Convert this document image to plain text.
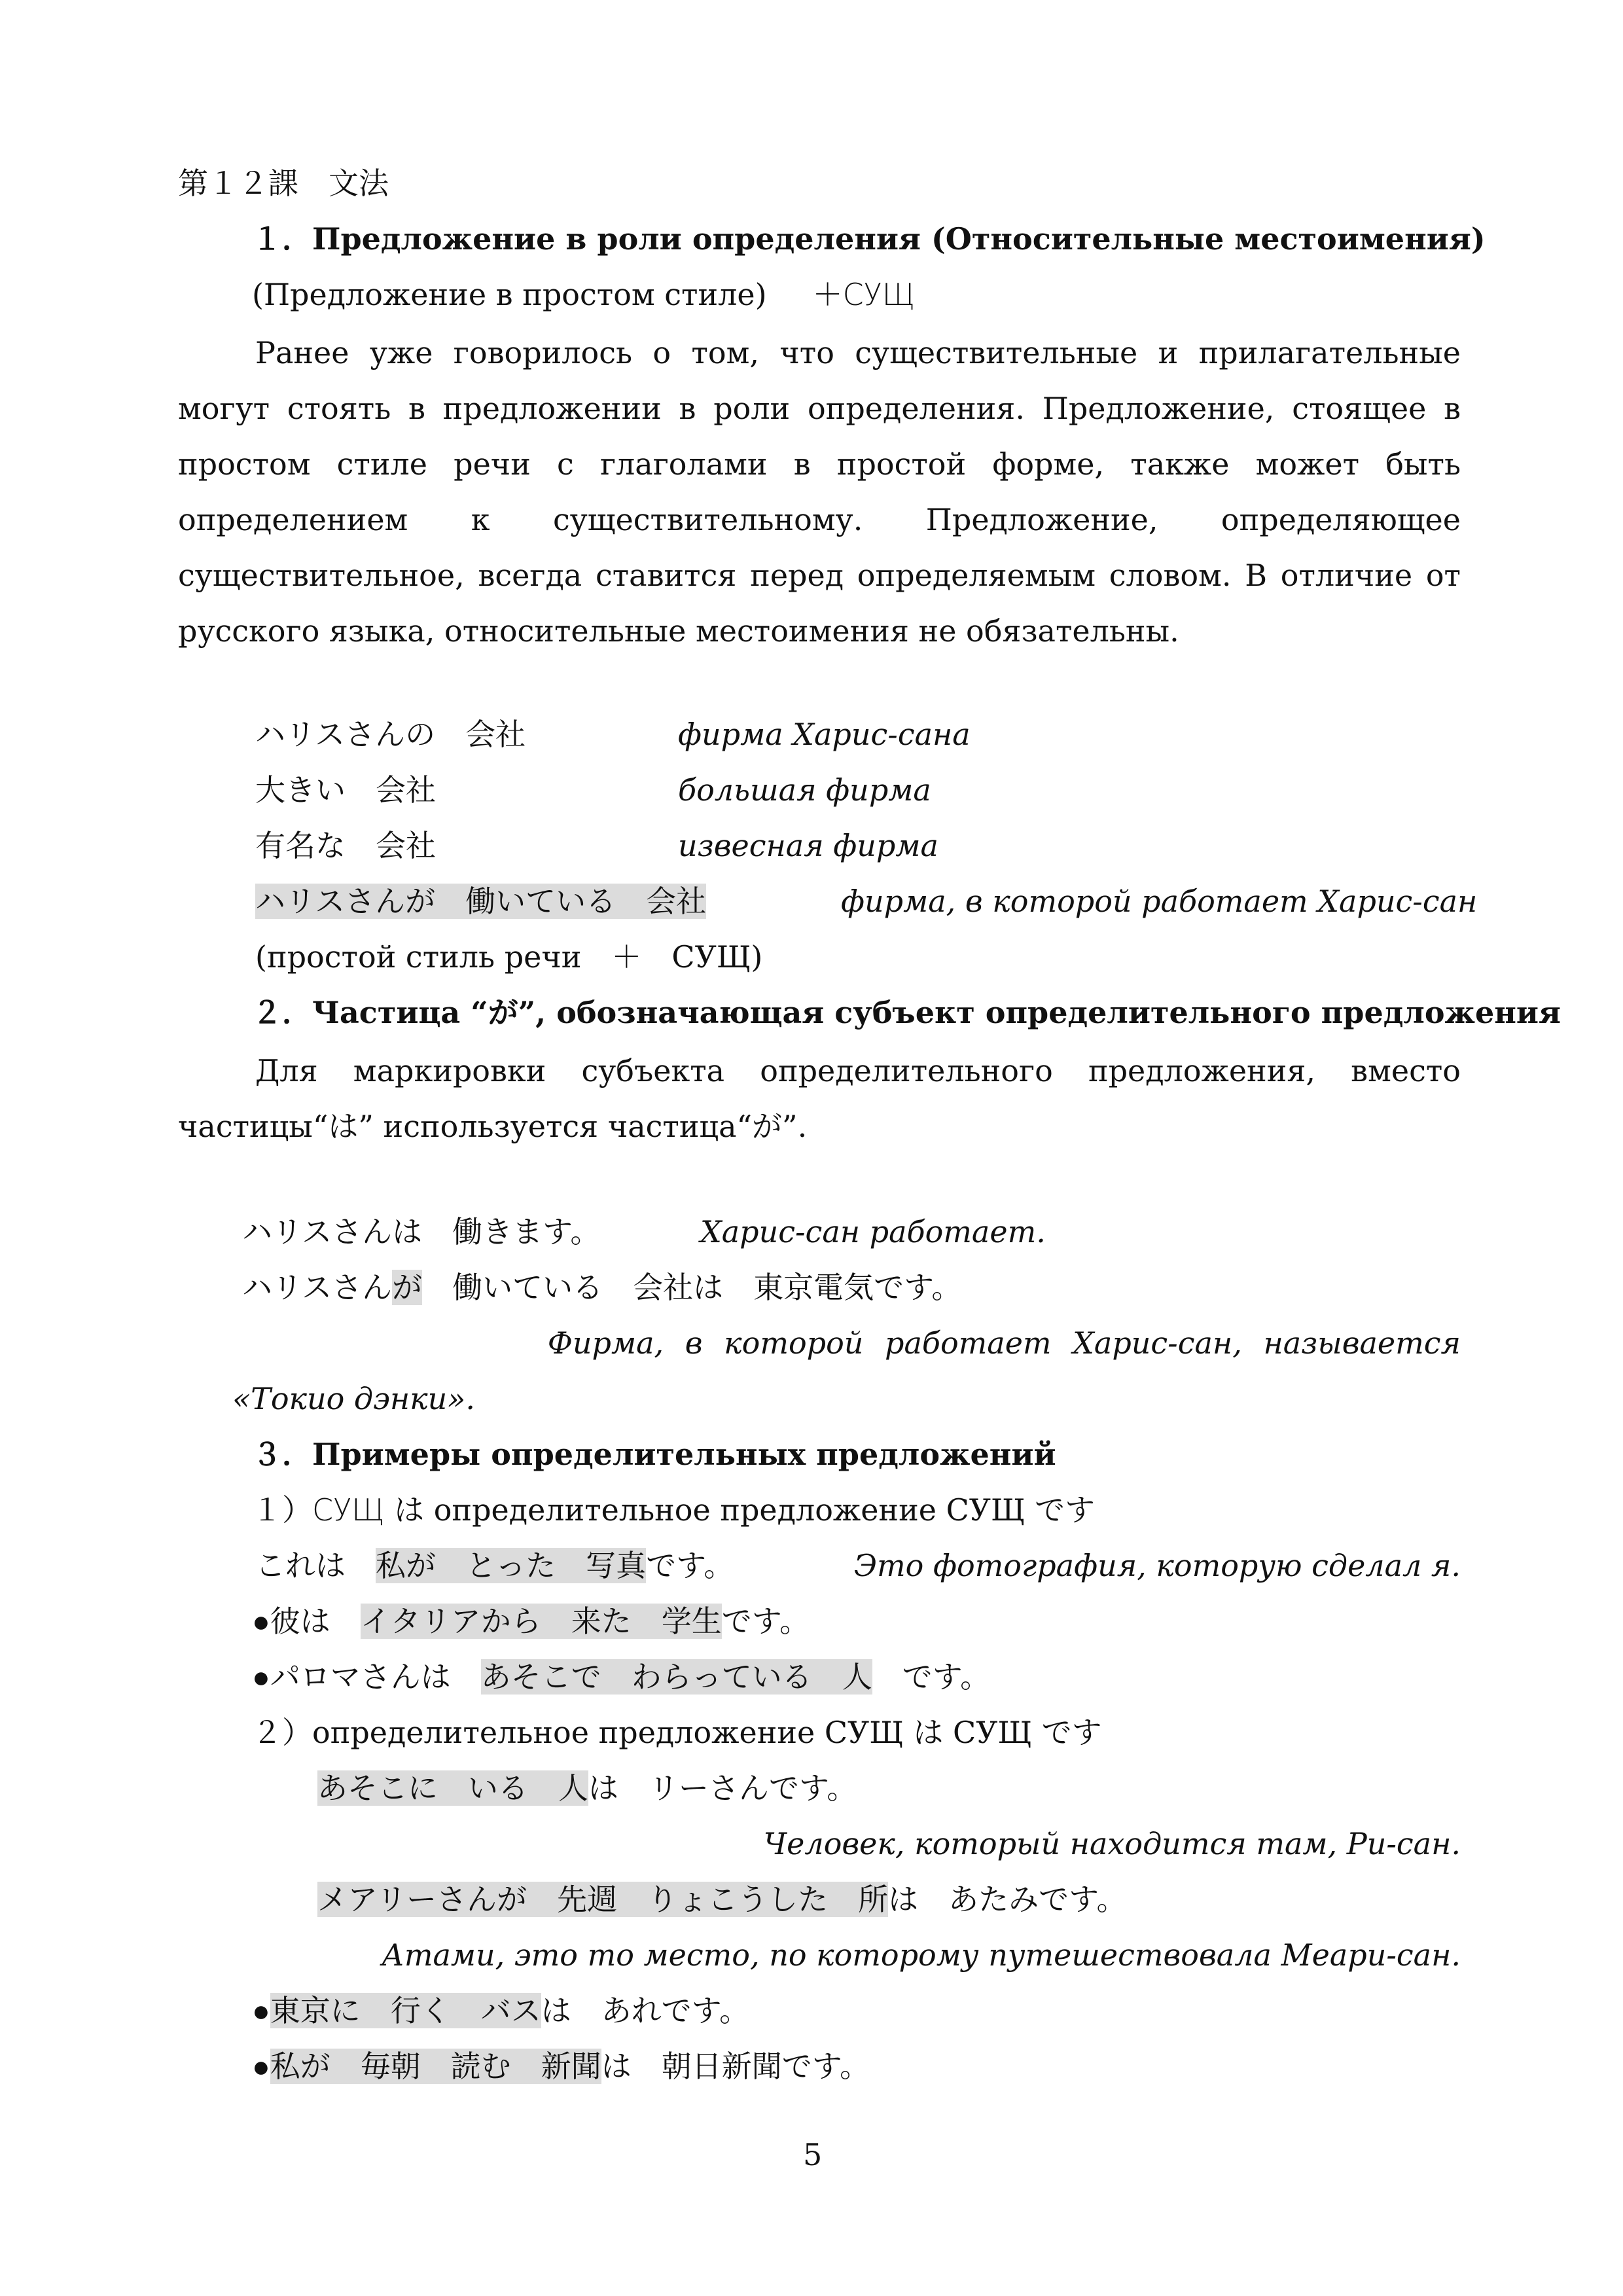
第１２課　文法
１．Предложение в роли определения (Относительные местоимения)
(Предложение в простом стиле) ＋СУЩ

Ранее уже говорилось о том, что существительные и прилагательные могут стоять в предложении в роли определения. Предложение, стоящее в простом стиле речи с глаголами в простой форме, также может быть определением к существительному. Предложение, определяющее существительное, всегда ставится перед определяемым словом. В отличие от русского языка, относительные местоимения не обязательны.

ハリスさんの　会社	фирма Харис-сана
大きい　会社	большая фирма
有名な　会社	извесная фирма
ハリスさんが　働いている　会社	фирма, в которой работает Харис-сан
(простой стиль речи　＋　СУЩ)
２．Частица “が”, обозначающая субъект определительного предложения

Для маркировки субъекта определительного предложения, вместо частицы“は” используется частица“が”.

ハリスさんは　働きます。	Харис-сан работает.
ハリスさんが　働いている　会社は　東京電気です。
Фирма, в которой работает Харис-сан, называется
«Токио дэнки».
３．Примеры определительных предложений
１）СУЩ は определительное предложение СУЩ です
これは　私が　とった　写真です。	Это фотография, которую сделал я.
●彼は　イタリアから　来た　学生です。
●パロマさんは　あそこで　わらっている　人　です。
２）определительное предложение СУЩ は СУЩ です
あそこに　いる　人は　リーさんです。
Человек, который находится там, Ри-сан.
メアリーさんが　先週　りょこうした　所は　あたみです。
Атами, это то место, по которому путешествовала Меари-сан.
●東京に　行く　バスは　あれです。
●私が　毎朝　読む　新聞は　朝日新聞です。
5
